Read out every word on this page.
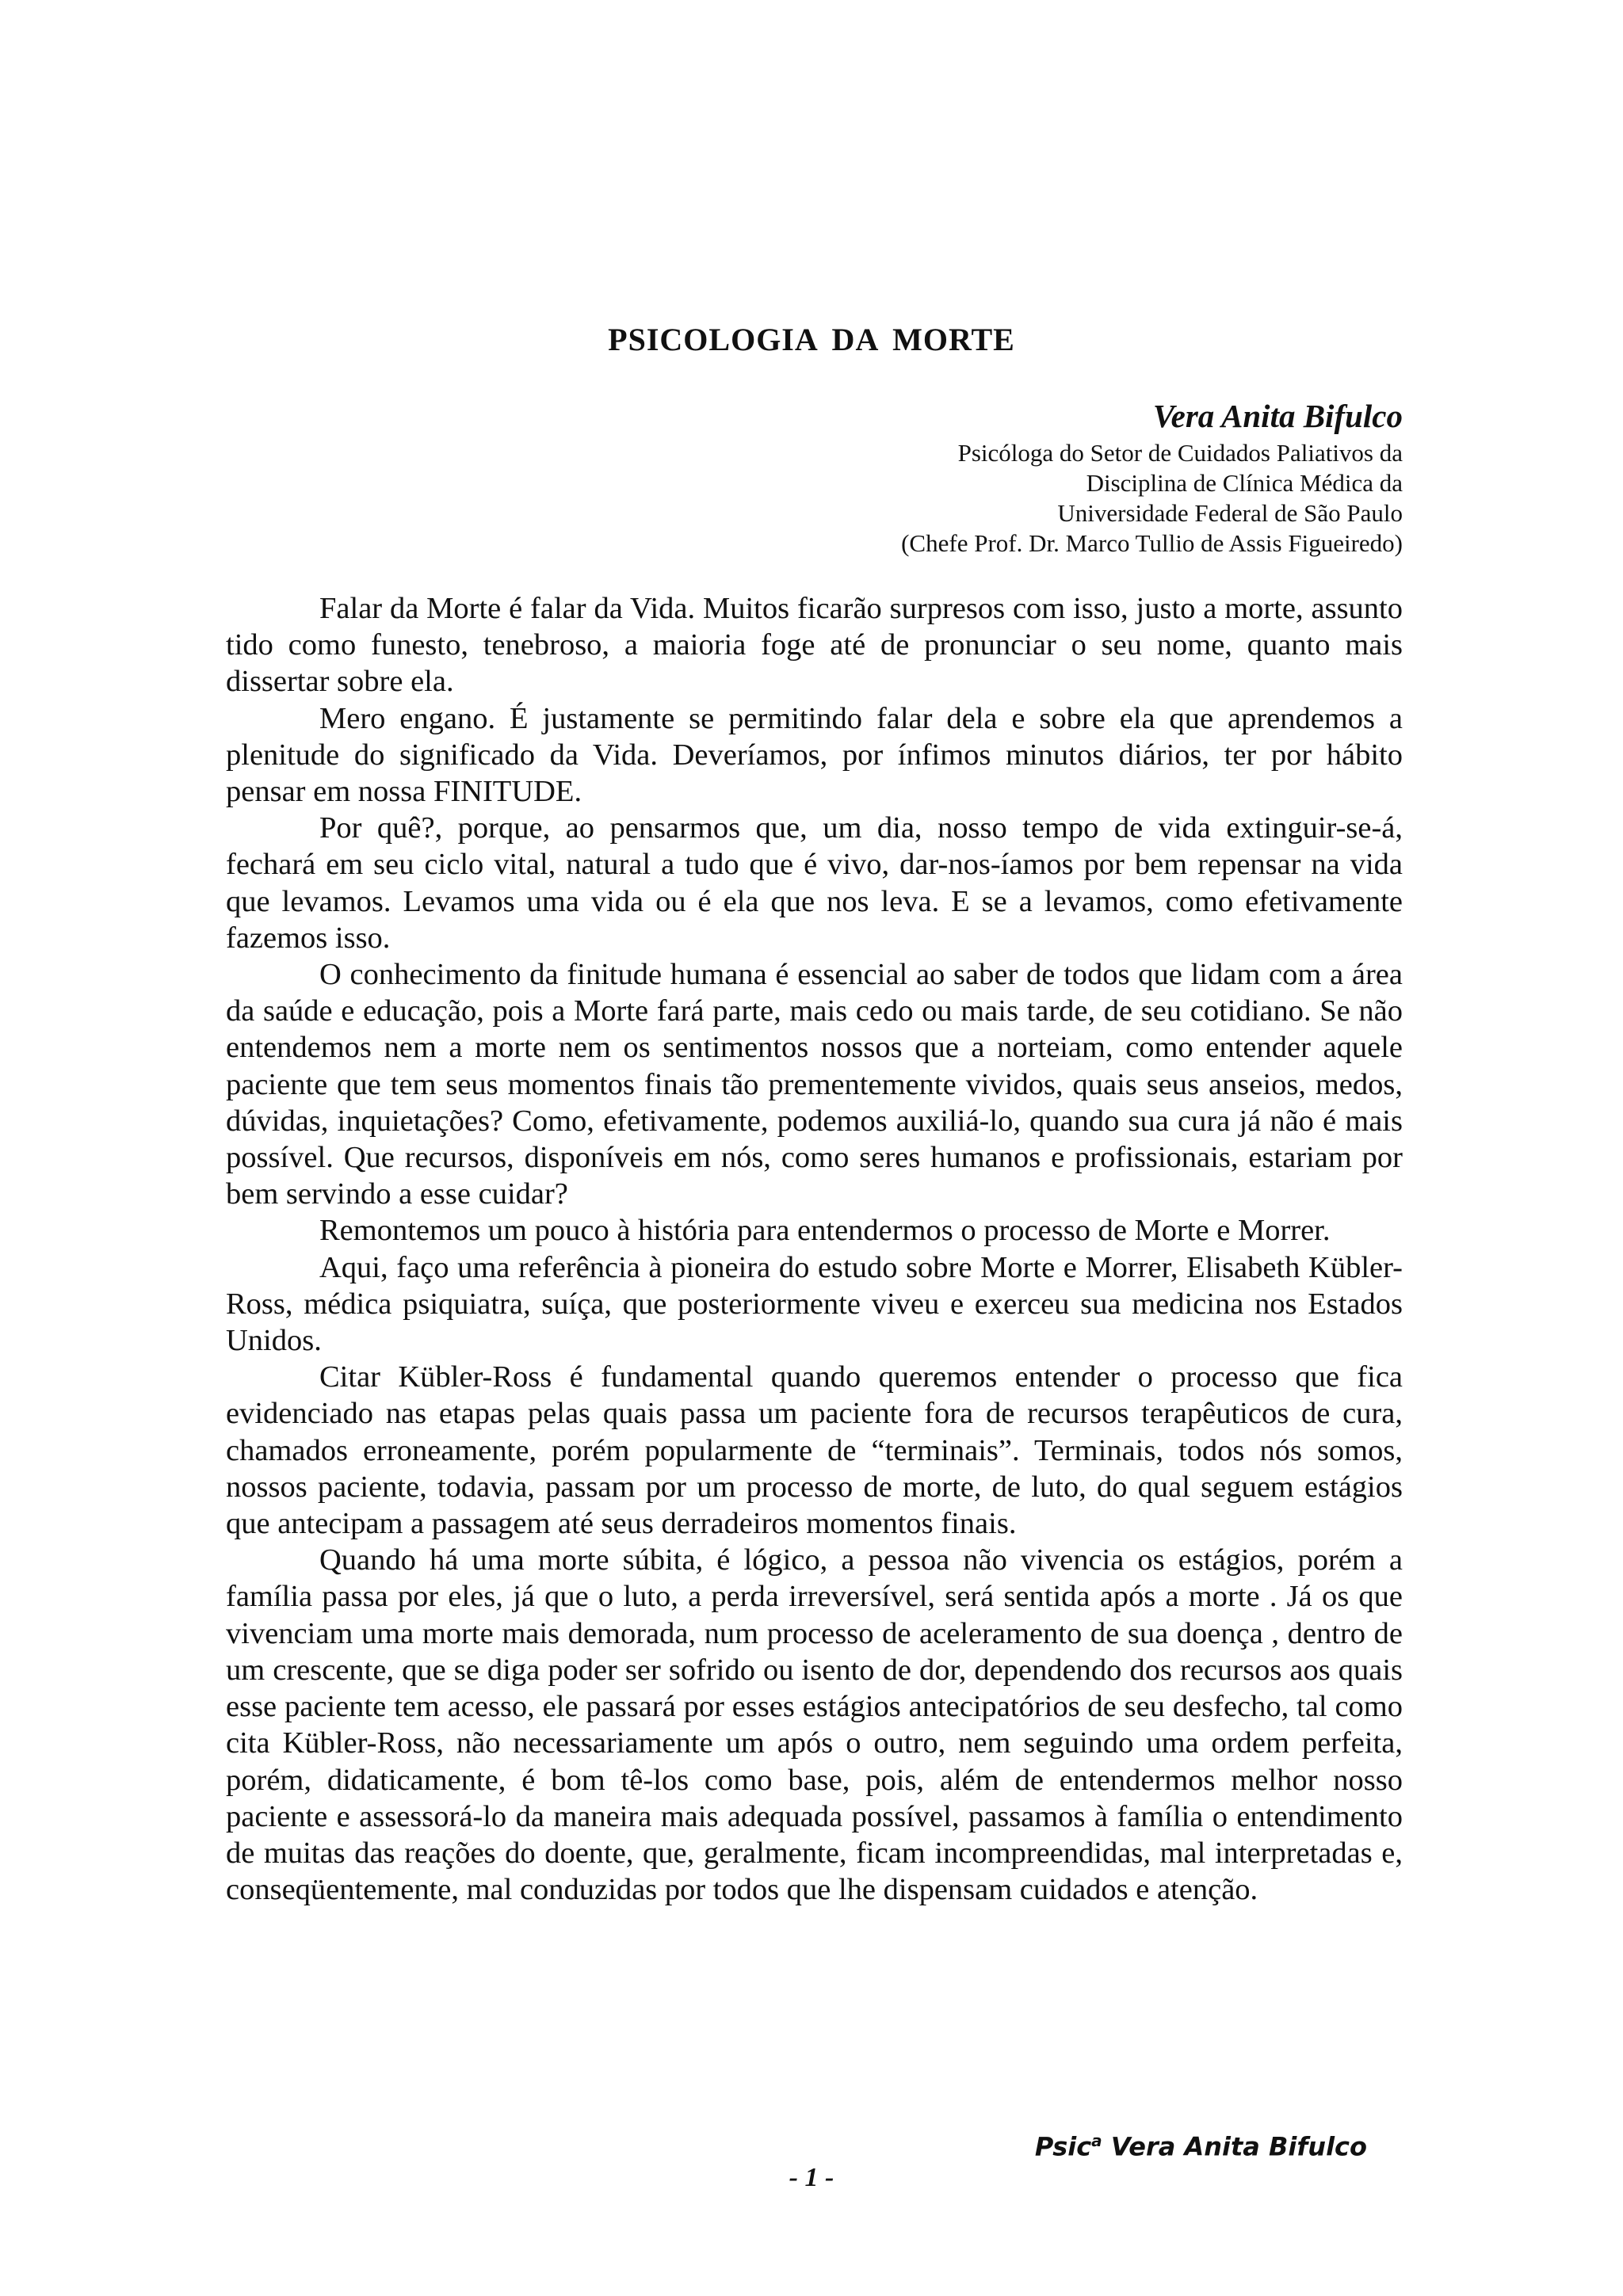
PSICOLOGIA DA MORTE
Vera Anita Bifulco
Psicóloga do Setor de Cuidados Paliativos da
Disciplina de Clínica Médica da
Universidade Federal de São Paulo
(Chefe Prof. Dr. Marco Tullio de Assis Figueiredo)

Falar da Morte é falar da Vida. Muitos ficarão surpresos com isso, justo a morte, assunto tido como funesto, tenebroso, a maioria foge até de pronunciar o seu nome, quanto mais dissertar sobre ela.

Mero engano. É justamente se permitindo falar dela e sobre ela que aprendemos a plenitude do significado da Vida. Deveríamos, por ínfimos minutos diários, ter por hábito pensar em nossa FINITUDE.

Por quê?, porque, ao pensarmos que, um dia, nosso tempo de vida extinguir-se-á, fechará em seu ciclo vital, natural a tudo que é vivo, dar-nos-íamos por bem repensar na vida que levamos. Levamos uma vida ou é ela que nos leva. E se a levamos, como efetivamente fazemos isso.

O conhecimento da finitude humana é essencial ao saber de todos que lidam com a área da saúde e educação, pois a Morte fará parte, mais cedo ou mais tarde, de seu cotidiano. Se não entendemos nem a morte nem os sentimentos nossos que a norteiam, como entender aquele paciente que tem seus momentos finais tão prementemente vividos, quais seus anseios, medos, dúvidas, inquietações? Como, efetivamente, podemos auxiliá-lo, quando sua cura já não é mais possível. Que recursos, disponíveis em nós, como seres humanos e profissionais, estariam por bem servindo a esse cuidar?

Remontemos um pouco à história para entendermos o processo de Morte e Morrer.

Aqui, faço uma referência à pioneira do estudo sobre Morte e Morrer, Elisabeth Kübler-Ross, médica psiquiatra, suíça, que posteriormente viveu e exerceu sua medicina nos Estados Unidos.

Citar Kübler-Ross é fundamental quando queremos entender o processo que fica evidenciado nas etapas pelas quais passa um paciente fora de recursos terapêuticos de cura, chamados erroneamente, porém popularmente de “terminais”. Terminais, todos nós somos, nossos paciente, todavia, passam por um processo de morte, de luto, do qual seguem estágios que antecipam a passagem até seus derradeiros momentos finais.

Quando há uma morte súbita, é lógico, a pessoa não vivencia os estágios, porém a família passa por eles, já que o luto, a perda irreversível, será sentida após a morte . Já os que vivenciam uma morte mais demorada, num processo de aceleramento de sua doença , dentro de um crescente, que se diga poder ser sofrido ou isento de dor, dependendo dos recursos aos quais esse paciente tem acesso, ele passará por esses estágios antecipatórios de seu desfecho, tal como cita Kübler-Ross, não necessariamente um após o outro, nem seguindo uma ordem perfeita, porém, didaticamente, é bom tê-los como base, pois, além de entendermos melhor nosso paciente e assessorá-lo da maneira mais adequada possível, passamos à família o entendimento de muitas das reações do doente, que, geralmente, ficam incompreendidas, mal interpretadas e, conseqüentemente, mal conduzidas por todos que lhe dispensam cuidados e atenção.

Psic$^a$ Vera Anita Bifulco
- 1 -
